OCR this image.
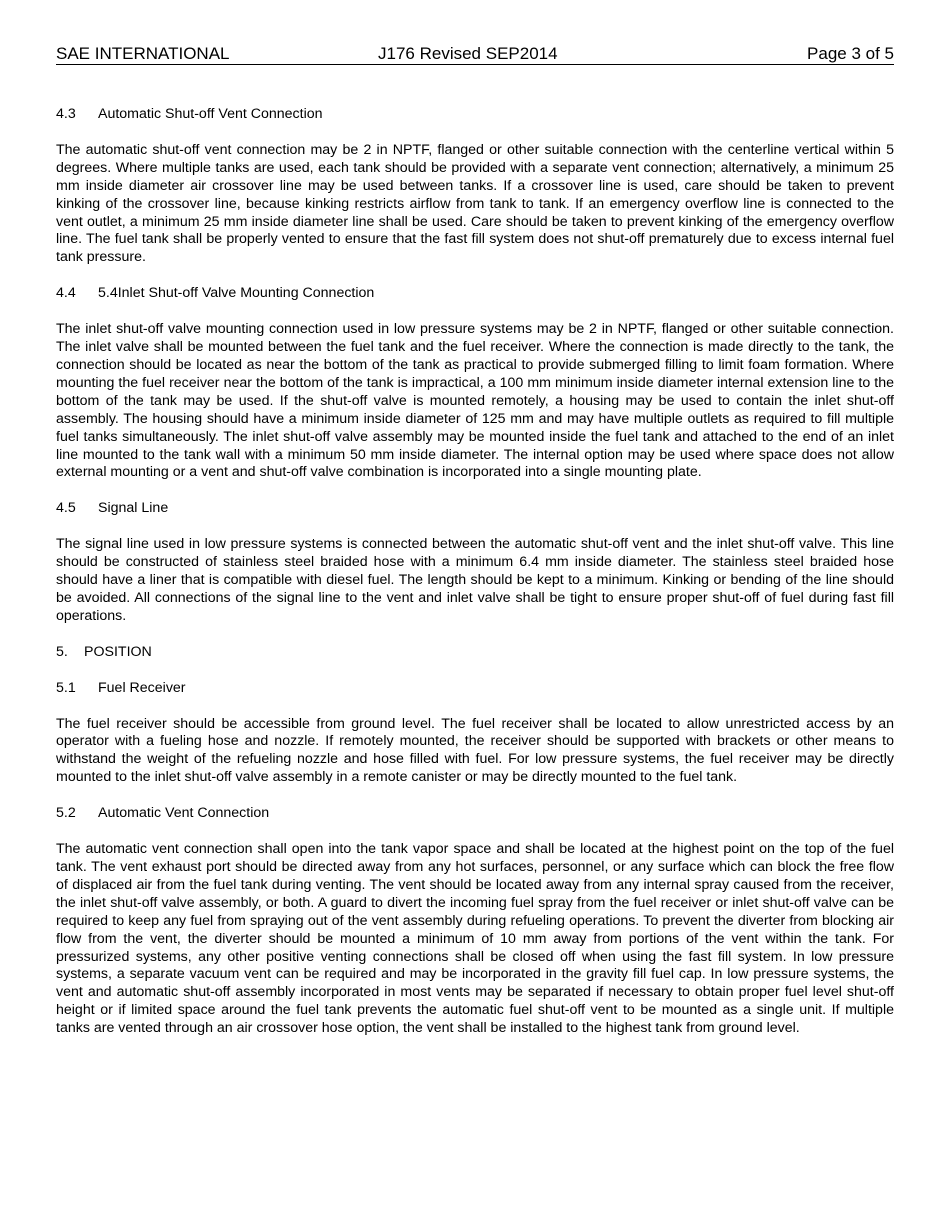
SAE INTERNATIONAL	J176 Revised SEP2014	Page 3 of 5

4.3 Automatic Shut-off Vent Connection

The automatic shut-off vent connection may be 2 in NPTF, flanged or other suitable connection with the centerline vertical within 5 degrees. Where multiple tanks are used, each tank should be provided with a separate vent connection; alternatively, a minimum 25 mm inside diameter air crossover line may be used between tanks. If a crossover line is used, care should be taken to prevent kinking of the crossover line, because kinking restricts airflow from tank to tank. If an emergency overflow line is connected to the vent outlet, a minimum 25 mm inside diameter line shall be used. Care should be taken to prevent kinking of the emergency overflow line. The fuel tank shall be properly vented to ensure that the fast fill system does not shut-off prematurely due to excess internal fuel tank pressure.

4.4 5.4Inlet Shut-off Valve Mounting Connection

The inlet shut-off valve mounting connection used in low pressure systems may be 2 in NPTF, flanged or other suitable connection. The inlet valve shall be mounted between the fuel tank and the fuel receiver. Where the connection is made directly to the tank, the connection should be located as near the bottom of the tank as practical to provide submerged filling to limit foam formation. Where mounting the fuel receiver near the bottom of the tank is impractical, a 100 mm minimum inside diameter internal extension line to the bottom of the tank may be used. If the shut-off valve is mounted remotely, a housing may be used to contain the inlet shut-off assembly. The housing should have a minimum inside diameter of 125 mm and may have multiple outlets as required to fill multiple fuel tanks simultaneously. The inlet shut-off valve assembly may be mounted inside the fuel tank and attached to the end of an inlet line mounted to the tank wall with a minimum 50 mm inside diameter. The internal option may be used where space does not allow external mounting or a vent and shut-off valve combination is incorporated into a single mounting plate.

4.5 Signal Line

The signal line used in low pressure systems is connected between the automatic shut-off vent and the inlet shut-off valve. This line should be constructed of stainless steel braided hose with a minimum 6.4 mm inside diameter. The stainless steel braided hose should have a liner that is compatible with diesel fuel. The length should be kept to a minimum. Kinking or bending of the line should be avoided. All connections of the signal line to the vent and inlet valve shall be tight to ensure proper shut-off of fuel during fast fill operations.

5. POSITION

5.1 Fuel Receiver

The fuel receiver should be accessible from ground level. The fuel receiver shall be located to allow unrestricted access by an operator with a fueling hose and nozzle. If remotely mounted, the receiver should be supported with brackets or other means to withstand the weight of the refueling nozzle and hose filled with fuel. For low pressure systems, the fuel receiver may be directly mounted to the inlet shut-off valve assembly in a remote canister or may be directly mounted to the fuel tank.

5.2 Automatic Vent Connection

The automatic vent connection shall open into the tank vapor space and shall be located at the highest point on the top of the fuel tank. The vent exhaust port should be directed away from any hot surfaces, personnel, or any surface which can block the free flow of displaced air from the fuel tank during venting. The vent should be located away from any internal spray caused from the receiver, the inlet shut-off valve assembly, or both. A guard to divert the incoming fuel spray from the fuel receiver or inlet shut-off valve can be required to keep any fuel from spraying out of the vent assembly during refueling operations. To prevent the diverter from blocking air flow from the vent, the diverter should be mounted a minimum of 10 mm away from portions of the vent within the tank. For pressurized systems, any other positive venting connections shall be closed off when using the fast fill system. In low pressure systems, a separate vacuum vent can be required and may be incorporated in the gravity fill fuel cap. In low pressure systems, the vent and automatic shut-off assembly incorporated in most vents may be separated if necessary to obtain proper fuel level shut-off height or if limited space around the fuel tank prevents the automatic fuel shut-off vent to be mounted as a single unit. If multiple tanks are vented through an air crossover hose option, the vent shall be installed to the highest tank from ground level.
